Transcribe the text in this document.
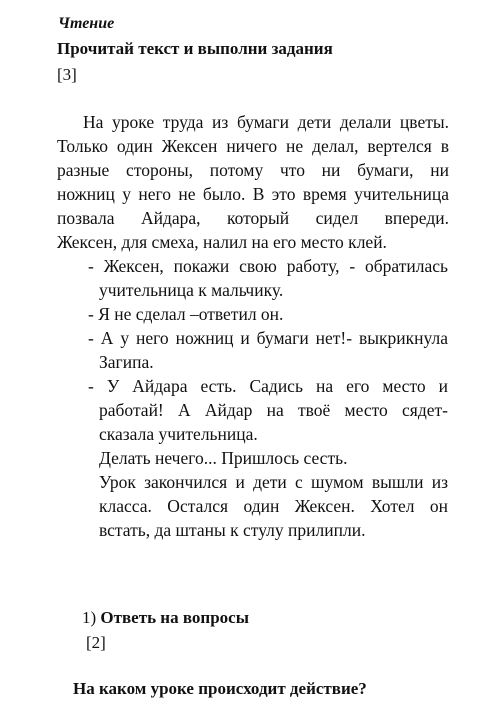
Чтение
Прочитай текст и выполни задания
[3]
На уроке труда из бумаги дети делали цветы.
Только один Жексен ничего не делал, вертелся в
разные стороны, потому что ни бумаги, ни
ножниц у него не было. В это время учительница
позвала Айдара, который сидел впереди.
Жексен, для смеха, налил на его место клей.
- Жексен, покажи свою работу, - обратилась
учительница к мальчику.
- Я не сделал –ответил он.
- А у него ножниц и бумаги нет!- выкрикнула
Загипа.
- У Айдара есть. Садись на его место и
работай! А Айдар на твоё место сядет-
сказала учительница.
Делать нечего... Пришлось сесть.
Урок закончился и дети с шумом вышли из
класса. Остался один Жексен. Хотел он
встать, да штаны к стулу прилипли.
1) Ответь на вопросы
[2]
На каком уроке происходит действие?
